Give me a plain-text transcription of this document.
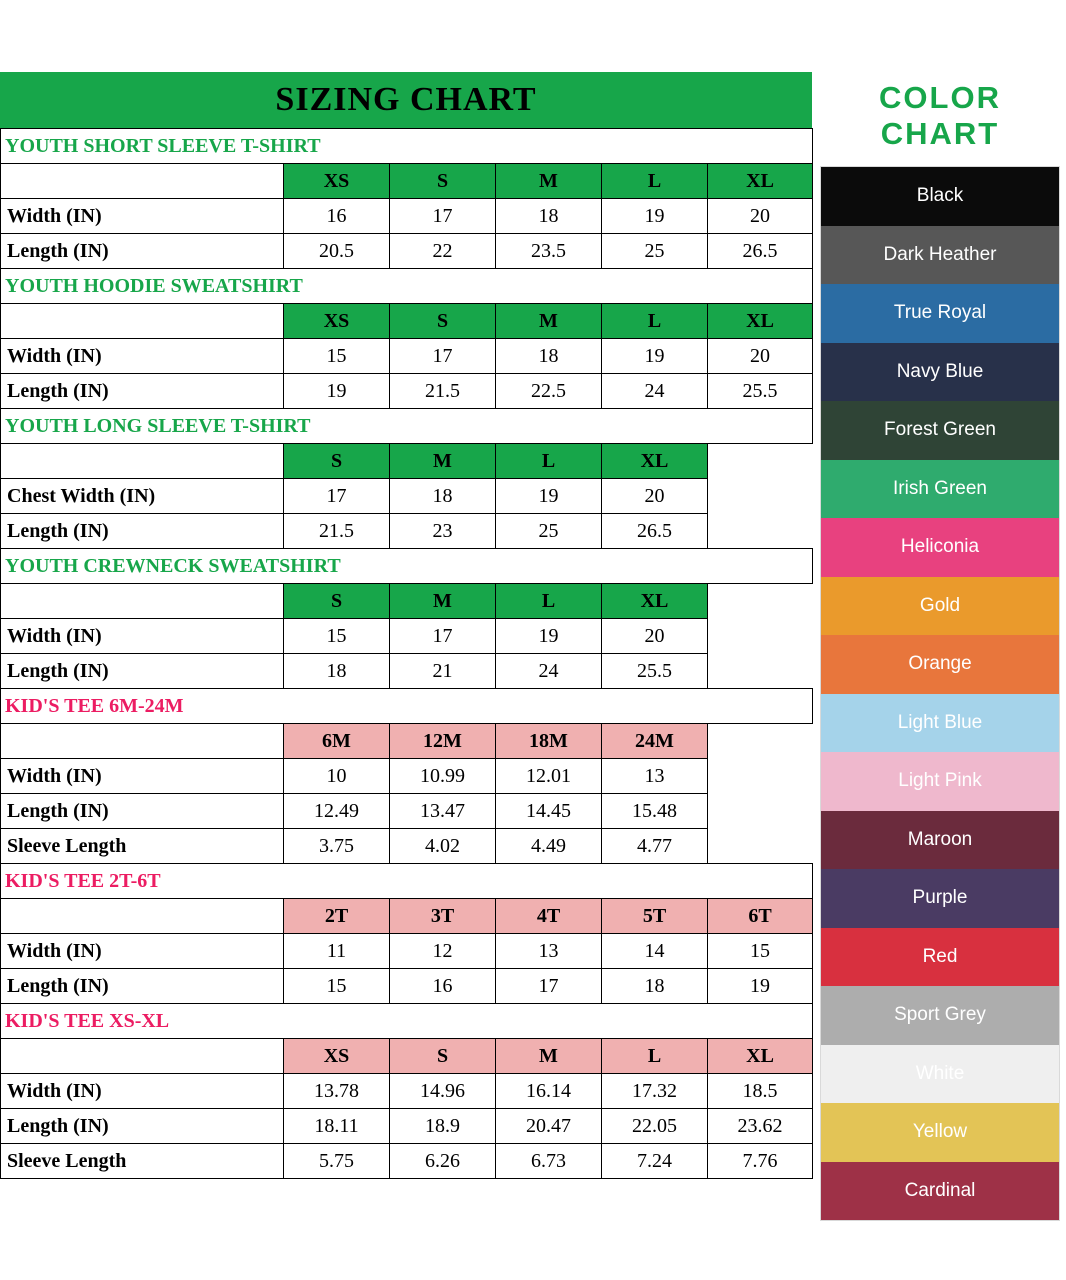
SIZING CHART
YOUTH SHORT SLEEVE T-SHIRT					
	XS	S	M	L	XL
Width (IN)	16	17	18	19	20
Length (IN)	20.5	22	23.5	25	26.5
YOUTH HOODIE SWEATSHIRT					
	XS	S	M	L	XL
Width (IN)	15	17	18	19	20
Length (IN)	19	21.5	22.5	24	25.5
YOUTH LONG SLEEVE T-SHIRT					
	S	M	L	XL	
Chest Width (IN)	17	18	19	20	
Length (IN)	21.5	23	25	26.5	
YOUTH CREWNECK SWEATSHIRT					
	S	M	L	XL	
Width (IN)	15	17	19	20	
Length (IN)	18	21	24	25.5	
KID'S TEE 6M-24M					
	6M	12M	18M	24M	
Width (IN)	10	10.99	12.01	13	
Length (IN)	12.49	13.47	14.45	15.48	
Sleeve Length	3.75	4.02	4.49	4.77	
KID'S TEE 2T-6T					
	2T	3T	4T	5T	6T
Width (IN)	11	12	13	14	15
Length (IN)	15	16	17	18	19
KID'S TEE XS-XL					
	XS	S	M	L	XL
Width (IN)	13.78	14.96	16.14	17.32	18.5
Length (IN)	18.11	18.9	20.47	22.05	23.62
Sleeve Length	5.75	6.26	6.73	7.24	7.76
COLOR CHART
Black
Dark Heather
True Royal
Navy Blue
Forest Green
Irish Green
Heliconia
Gold
Orange
Light Blue
Light Pink
Maroon
Purple
Red
Sport Grey
White
Yellow
Cardinal
